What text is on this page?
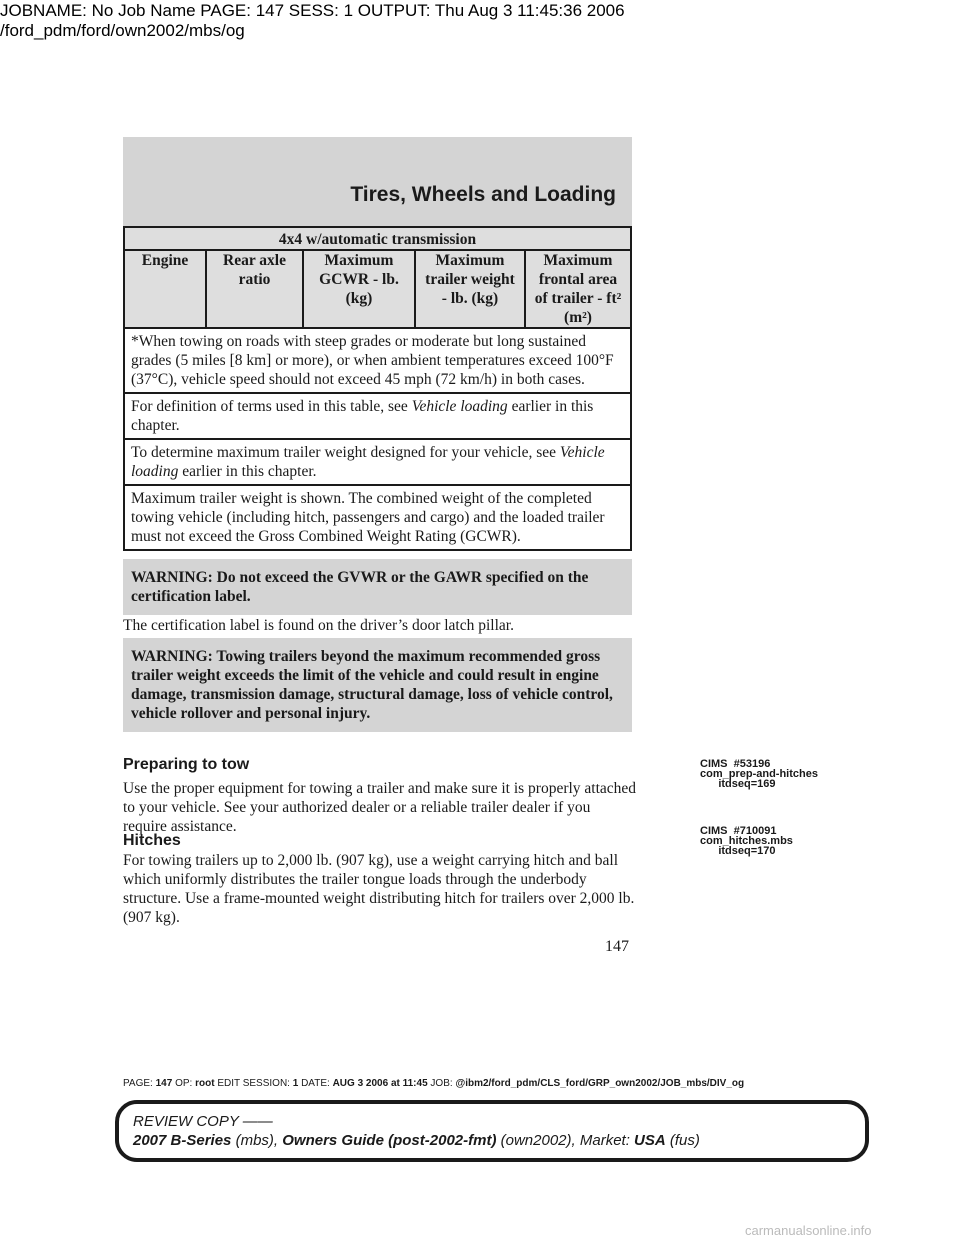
JOBNAME: No Job Name PAGE: 147 SESS: 1 OUTPUT: Thu Aug 3 11:45:36 2006
/ford_pdm/ford/own2002/mbs/og
Tires, Wheels and Loading
4x4 w/automatic transmission
Engine	Rear axle ratio	Maximum GCWR - lb. (kg)	Maximum trailer weight - lb. (kg)	Maximum frontal area of trailer - ft² (m²)
*When towing on roads with steep grades or moderate but long sustained grades (5 miles [8 km] or more), or when ambient temperatures exceed 100°F (37°C), vehicle speed should not exceed 45 mph (72 km/h) in both cases.
For definition of terms used in this table, see Vehicle loading earlier in this chapter.
To determine maximum trailer weight designed for your vehicle, see Vehicle loading earlier in this chapter.
Maximum trailer weight is shown. The combined weight of the completed towing vehicle (including hitch, passengers and cargo) and the loaded trailer must not exceed the Gross Combined Weight Rating (GCWR).
WARNING: Do not exceed the GVWR or the GAWR specified on the certification label.
The certification label is found on the driver’s door latch pillar.
WARNING: Towing trailers beyond the maximum recommended gross trailer weight exceeds the limit of the vehicle and could result in engine damage, transmission damage, structural damage, loss of vehicle control, vehicle rollover and personal injury.
Preparing to tow
Use the proper equipment for towing a trailer and make sure it is properly attached to your vehicle. See your authorized dealer or a reliable trailer dealer if you require assistance.
Hitches
For towing trailers up to 2,000 lb. (907 kg), use a weight carrying hitch and ball which uniformly distributes the trailer tongue loads through the underbody structure. Use a frame-mounted weight distributing hitch for trailers over 2,000 lb. (907 kg).
CIMS  #53196
com_prep-and-hitches
itdseq=169
CIMS  #710091
com_hitches.mbs
itdseq=170
147
PAGE: 147 OP: root EDIT SESSION: 1 DATE: AUG 3 2006 at 11:45 JOB: @ibm2/ford_pdm/CLS_ford/GRP_own2002/JOB_mbs/DIV_og
REVIEW COPY ——
2007 B-Series (mbs), Owners Guide (post-2002-fmt) (own2002), Market: USA (fus)
carmanualsonline.info
